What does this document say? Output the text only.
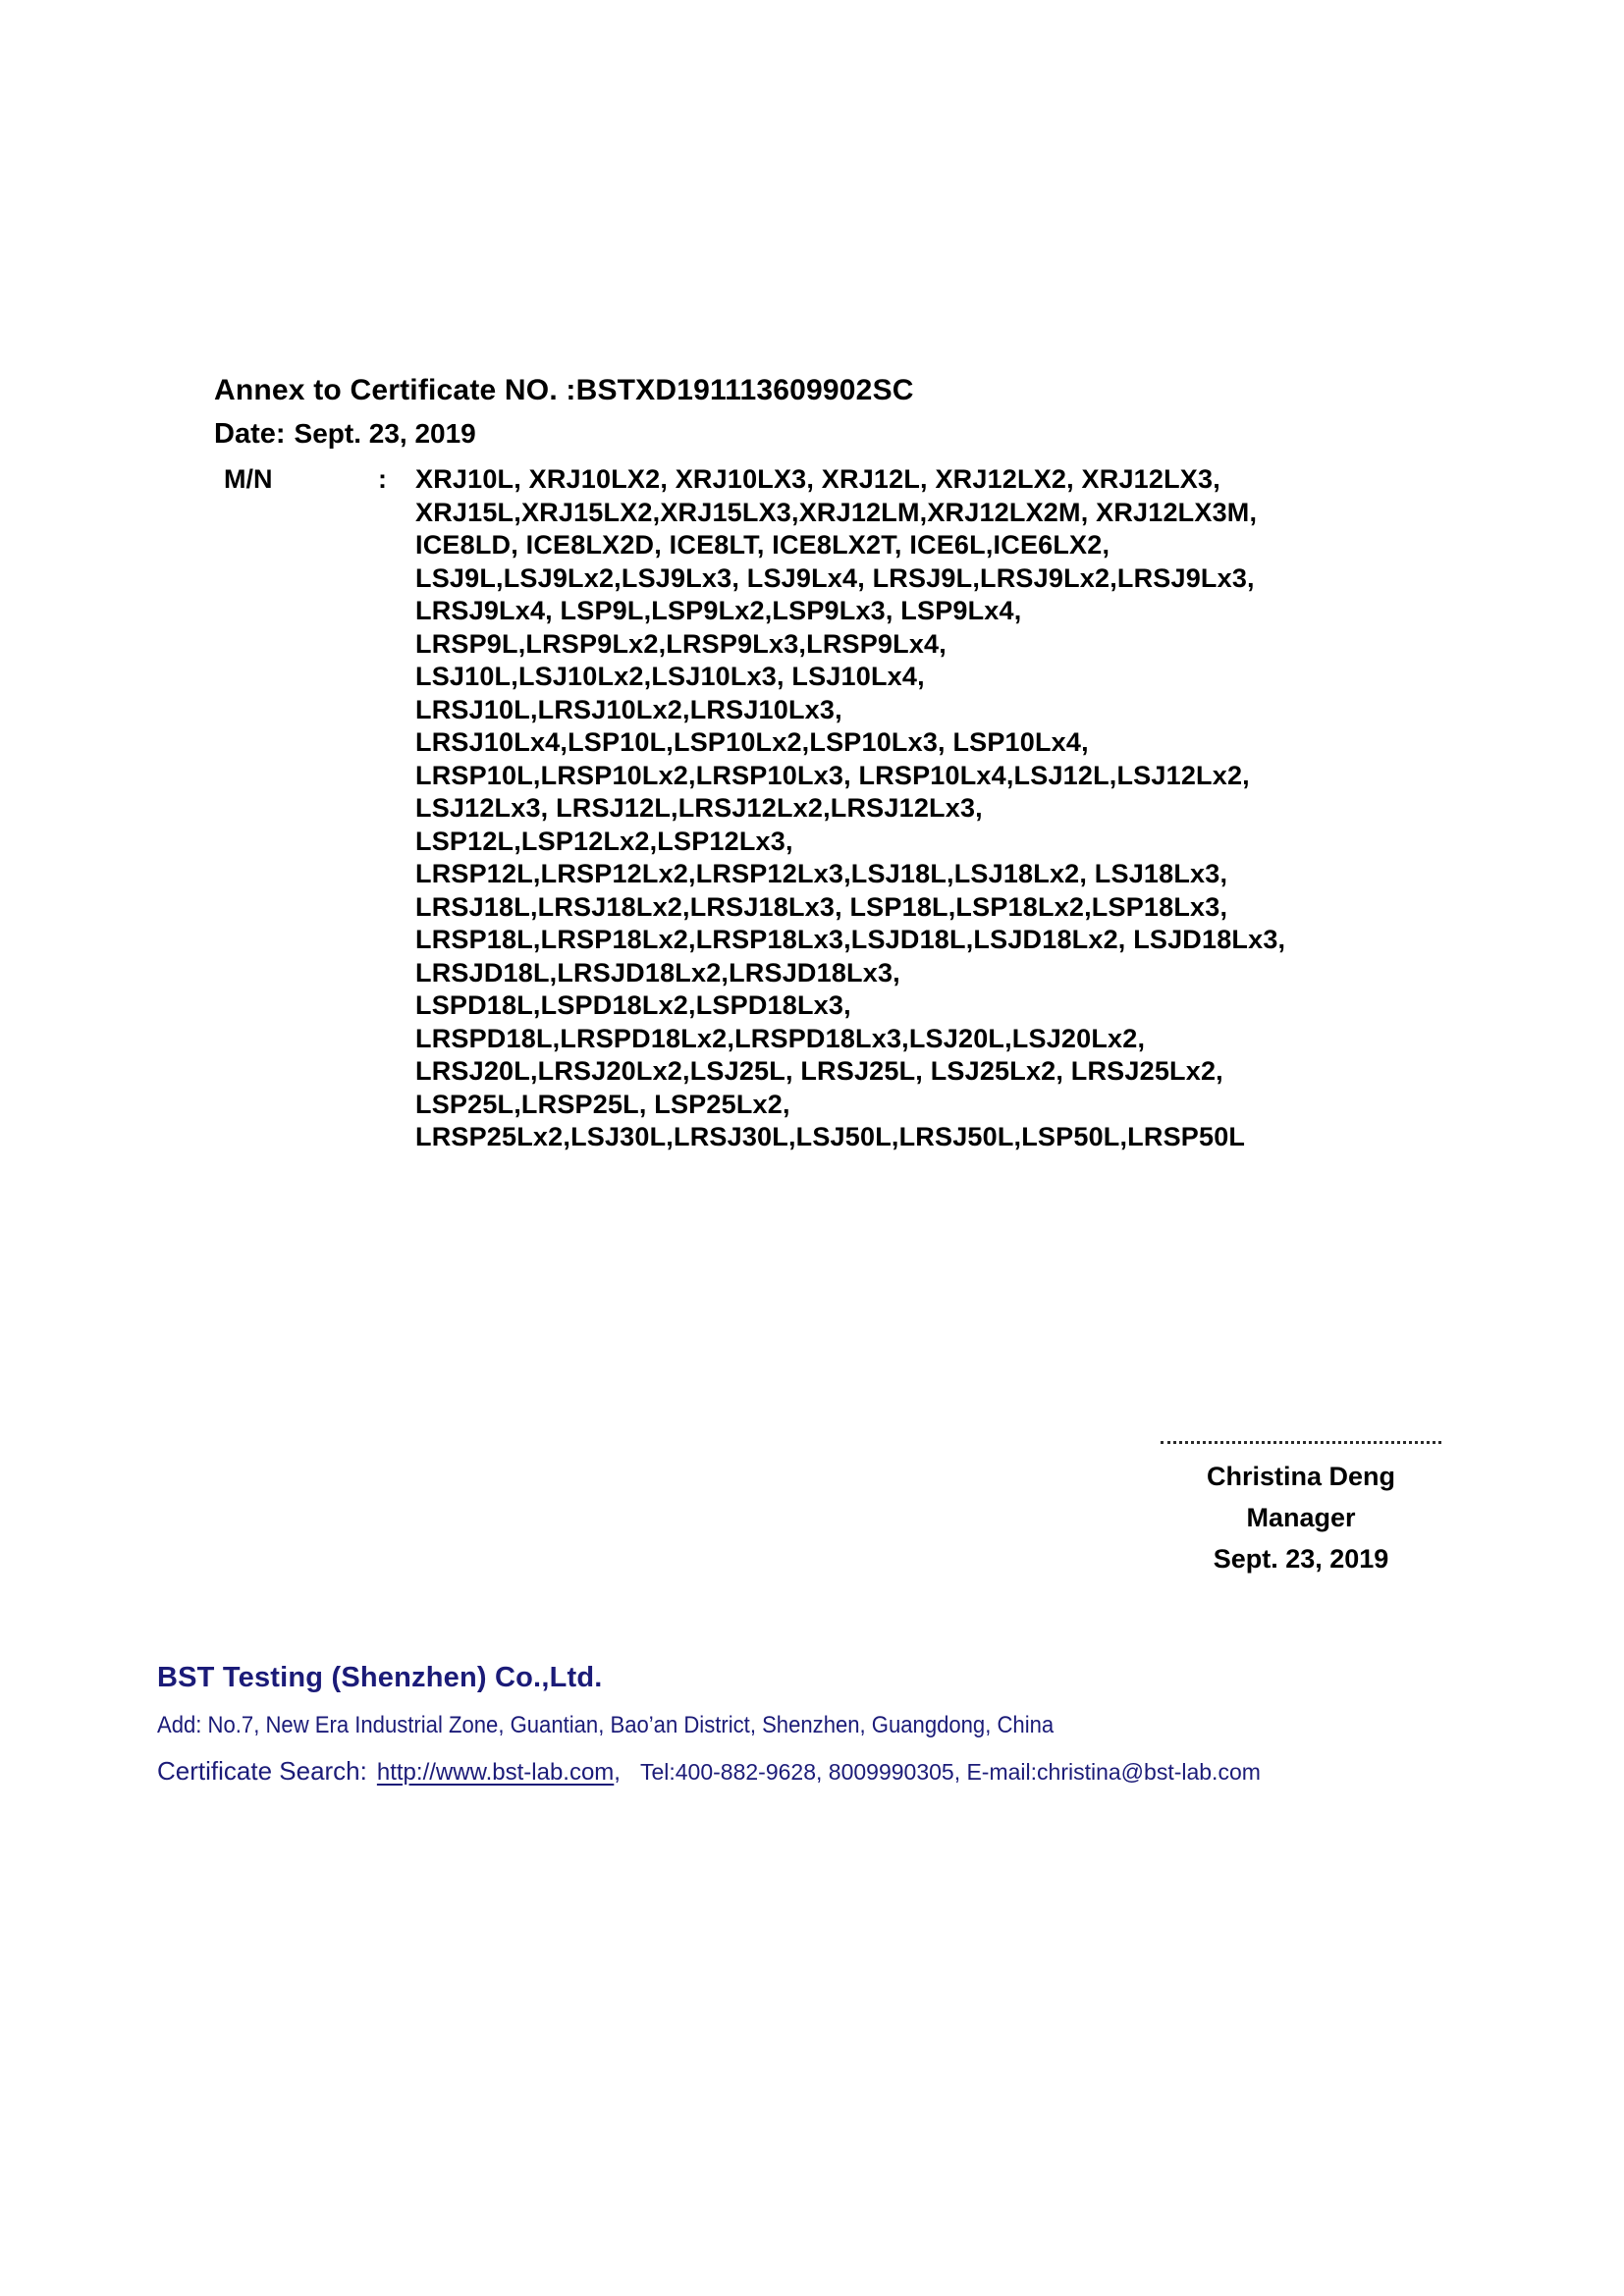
Annex to Certificate NO. :BSTXD191113609902SC
Date: Sept. 23, 2019
M/N	:	XRJ10L, XRJ10LX2, XRJ10LX3, XRJ12L, XRJ12LX2, XRJ12LX3,
XRJ15L,XRJ15LX2,XRJ15LX3,XRJ12LM,XRJ12LX2M, XRJ12LX3M,
ICE8LD, ICE8LX2D, ICE8LT, ICE8LX2T, ICE6L,ICE6LX2,
LSJ9L,LSJ9Lx2,LSJ9Lx3, LSJ9Lx4, LRSJ9L,LRSJ9Lx2,LRSJ9Lx3,
LRSJ9Lx4, LSP9L,LSP9Lx2,LSP9Lx3, LSP9Lx4,
LRSP9L,LRSP9Lx2,LRSP9Lx3,LRSP9Lx4,
LSJ10L,LSJ10Lx2,LSJ10Lx3, LSJ10Lx4,
LRSJ10L,LRSJ10Lx2,LRSJ10Lx3,
LRSJ10Lx4,LSP10L,LSP10Lx2,LSP10Lx3, LSP10Lx4,
LRSP10L,LRSP10Lx2,LRSP10Lx3, LRSP10Lx4,LSJ12L,LSJ12Lx2,
LSJ12Lx3, LRSJ12L,LRSJ12Lx2,LRSJ12Lx3,
LSP12L,LSP12Lx2,LSP12Lx3,
LRSP12L,LRSP12Lx2,LRSP12Lx3,LSJ18L,LSJ18Lx2, LSJ18Lx3,
LRSJ18L,LRSJ18Lx2,LRSJ18Lx3, LSP18L,LSP18Lx2,LSP18Lx3,
LRSP18L,LRSP18Lx2,LRSP18Lx3,LSJD18L,LSJD18Lx2, LSJD18Lx3,
LRSJD18L,LRSJD18Lx2,LRSJD18Lx3,
LSPD18L,LSPD18Lx2,LSPD18Lx3,
LRSPD18L,LRSPD18Lx2,LRSPD18Lx3,LSJ20L,LSJ20Lx2,
LRSJ20L,LRSJ20Lx2,LSJ25L, LRSJ25L, LSJ25Lx2, LRSJ25Lx2,
LSP25L,LRSP25L, LSP25Lx2,
LRSP25Lx2,LSJ30L,LRSJ30L,LSJ50L,LRSJ50L,LSP50L,LRSP50L
Christina Deng
Manager
Sept. 23, 2019
BST Testing (Shenzhen) Co.,Ltd.
Add: No.7, New Era Industrial Zone, Guantian, Bao’an District, Shenzhen, Guangdong, China
Certificate Search: http://www.bst-lab.com, Tel:400-882-9628, 8009990305, E-mail:christina@bst-lab.com
